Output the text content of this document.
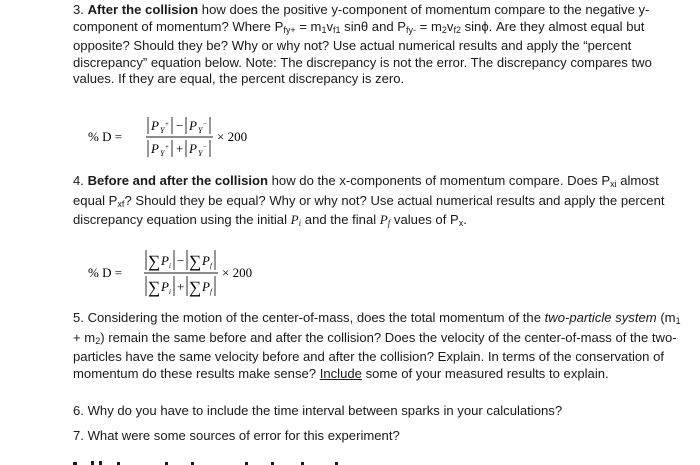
3. After the collision how does the positive y-component of momentum compare to the negative y-component of momentum? Where $P_{fy+} = m_1v_{f1}$ sinθ and $P_{fy-} = m_2v_{f2}$ sinϕ. Are they almost equal but opposite? Should they be? Why or why not? Use actual numerical results and apply the “percent discrepancy” equation below. Note: The discrepancy is not the error. The discrepancy compares two values. If they are equal, the percent discrepancy is zero.

% D =
P Y
+ − P Y
−
P Y
+ + P Y
−
× 200

4. Before and after the collision how do the x-components of momentum compare. Does $P_{xi}$ almost equal $P_{xf}$? Should they be equal? Why or why not? Use actual numerical results and apply the percent discrepancy equation using the initial $P_i$ and the final $P_f$ values of $P_x$.

% D =
∑ P i − ∑ P f
∑ P i + ∑ P f
× 200

5. Considering the motion of the center-of-mass, does the total momentum of the two-particle system $(m_1 + m_2)$ remain the same before and after the collision? Does the velocity of the center-of-mass of the two-particles have the same velocity before and after the collision? Explain. In terms of the conservation of momentum do these results make sense? Include some of your measured results to explain.

6. Why do you have to include the time interval between sparks in your calculations?

7. What were some sources of error for this experiment?
